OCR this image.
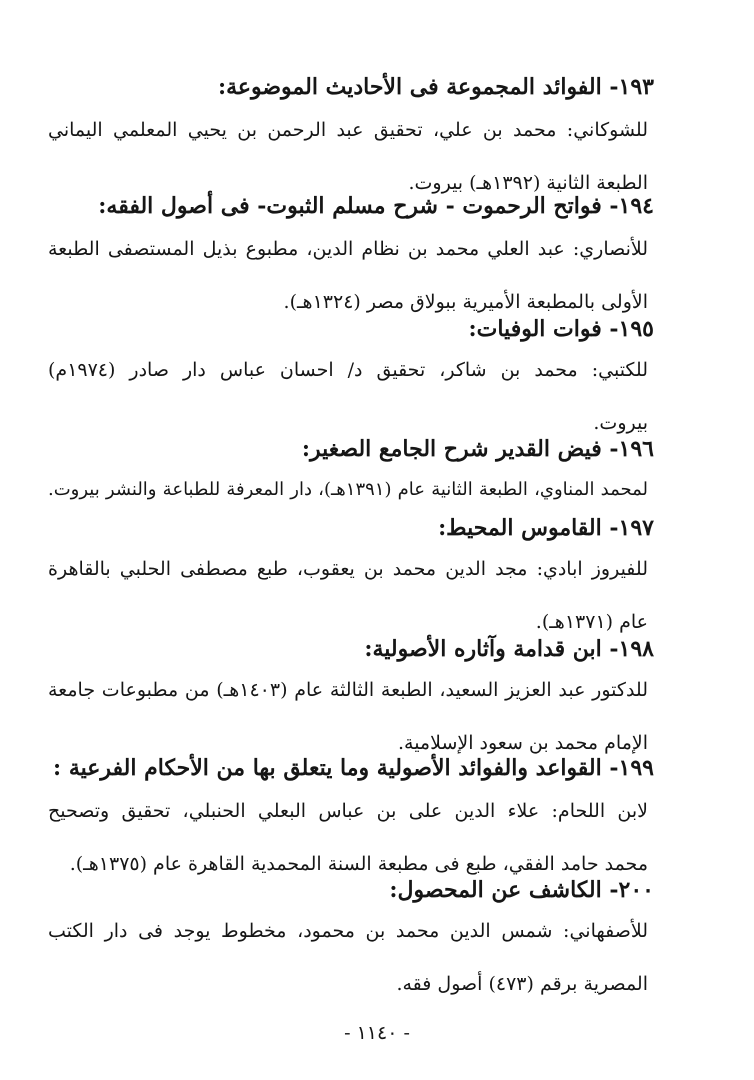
١٩٣- الفوائد المجموعة فى الأحاديث الموضوعة:
للشوكاني: محمد بن علي، تحقيق عبد الرحمن بن يحيي المعلمي اليماني
الطبعة الثانية (١٣٩٢هـ) بيروت.
١٩٤- فواتح الرحموت - شرح مسلم الثبوت- فى أصول الفقه:
للأنصاري: عبد العلي محمد بن نظام الدين، مطبوع بذيل المستصفى الطبعة
الأولى بالمطبعة الأميرية ببولاق مصر (١٣٢٤هـ).
١٩٥- فوات الوفيات:
للكتبي: محمد بن شاكر، تحقيق د/ احسان عباس دار صادر (١٩٧٤م)
بيروت.
١٩٦- فيض القدير شرح الجامع الصغير:
لمحمد المناوي، الطبعة الثانية عام (١٣٩١هـ)، دار المعرفة للطباعة والنشر بيروت.
١٩٧- القاموس المحيط:
للفيروز ابادي: مجد الدين محمد بن يعقوب، طبع مصطفى الحلبي بالقاهرة
عام (١٣٧١هـ).
١٩٨- ابن قدامة وآثاره الأصولية:
للدكتور عبد العزيز السعيد، الطبعة الثالثة عام (١٤٠٣هـ) من مطبوعات جامعة
الإمام محمد بن سعود الإسلامية.
١٩٩- القواعد والفوائد الأصولية وما يتعلق بها من الأحكام الفرعية :
لابن اللحام: علاء الدين على بن عباس البعلي الحنبلي، تحقيق وتصحيح
محمد حامد الفقي، طبع فى مطبعة السنة المحمدية القاهرة عام (١٣٧٥هـ).
٢٠٠- الكاشف عن المحصول:
للأصفهاني: شمس الدين محمد بن محمود، مخطوط يوجد فى دار الكتب
المصرية برقم (٤٧٣) أصول فقه.
- ١١٤٠ -
